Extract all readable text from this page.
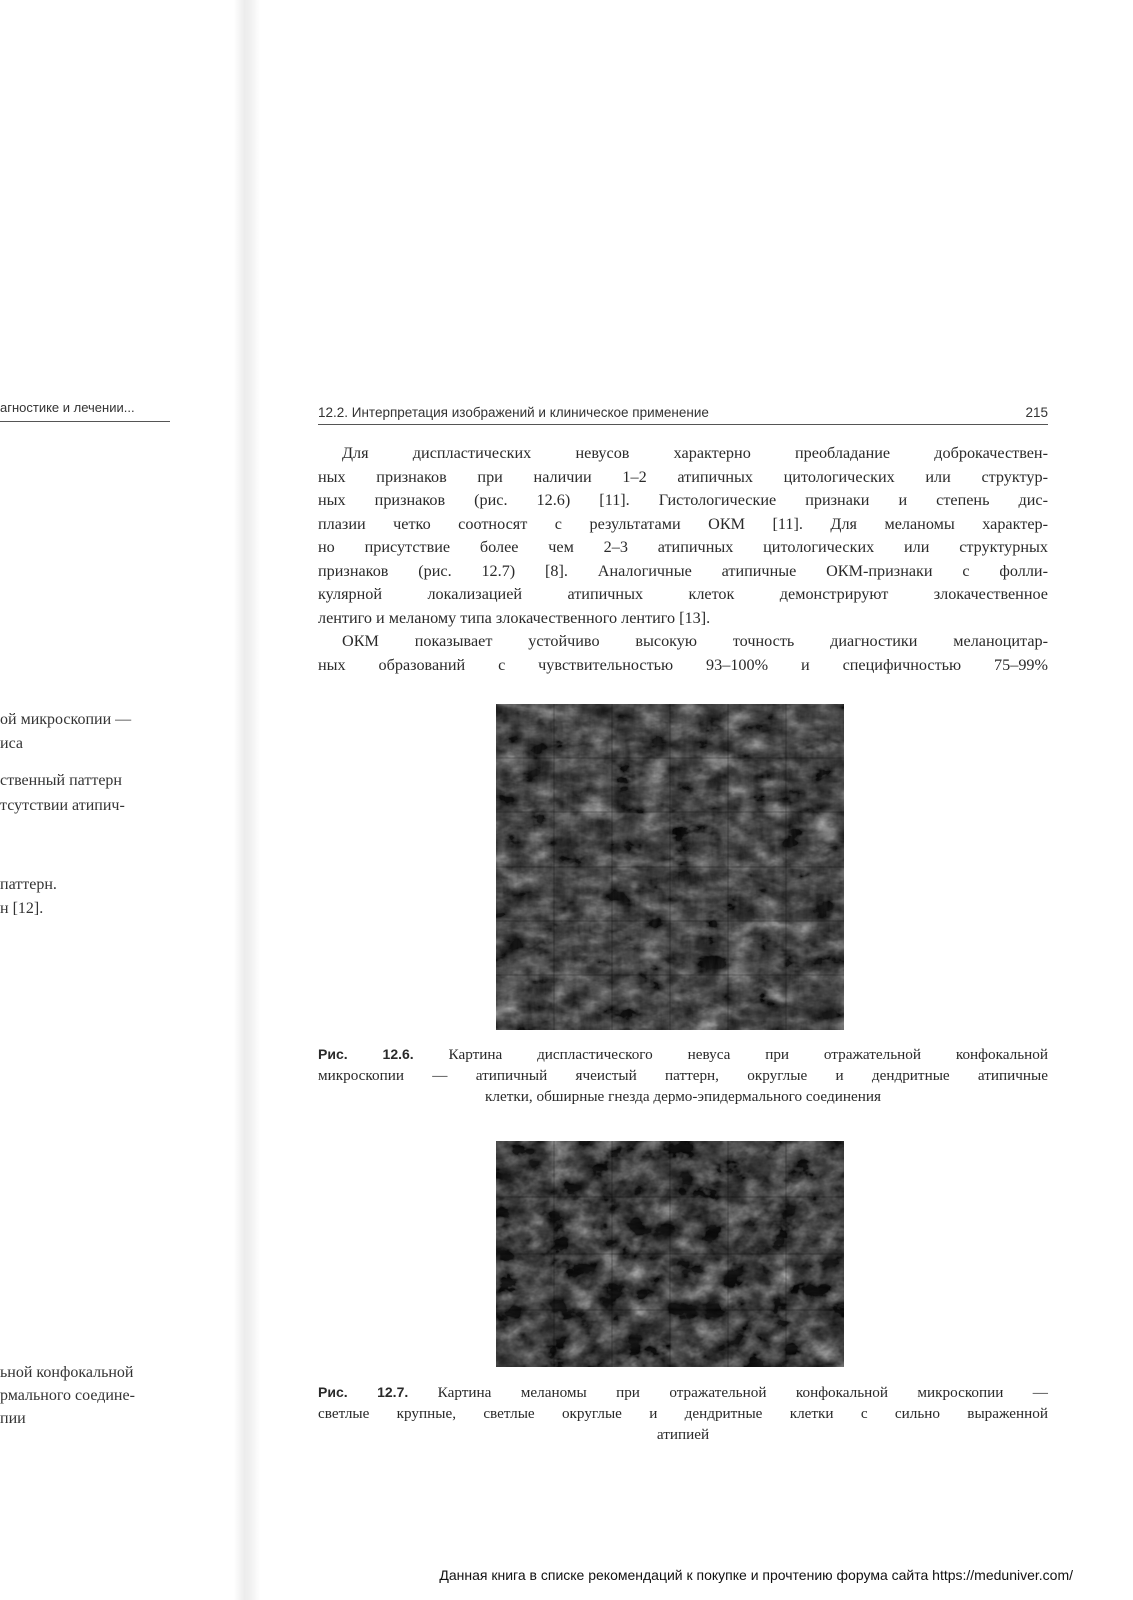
агностике и лечении...
ой микроскопии —
иса
ственный паттерн
тсутствии атипич-
паттерн.
н [12].
ьной конфокальной
рмального соедине-
пии
12.2. Интерпретация изображений и клиническое применение	215
Для диспластических невусов характерно преобладание доброкачествен-
ных признаков при наличии 1–2 атипичных цитологических или структур-
ных признаков (рис. 12.6) [11]. Гистологические признаки и степень дис-
плазии четко соотносят с результатами ОКМ [11]. Для меланомы характер-
но присутствие более чем 2–3 атипичных цитологических или структурных
признаков (рис. 12.7) [8]. Аналогичные атипичные ОКМ-признаки с фолли-
кулярной локализацией атипичных клеток демонстрируют злокачественное
лентиго и меланому типа злокачественного лентиго [13].
ОКМ показывает устойчиво высокую точность диагностики меланоцитар-
ных образований с чувствительностью 93–100% и специфичностью 75–99%
Рис. 12.6. Картина диспластического невуса при отражательной конфокальной
микроскопии — атипичный ячеистый паттерн, округлые и дендритные атипичные
клетки, обширные гнезда дермо-эпидермального соединения
Рис. 12.7. Картина меланомы при отражательной конфокальной микроскопии —
светлые крупные, светлые округлые и дендритные клетки с сильно выраженной
атипией
Данная книга в списке рекомендаций к покупке и прочтению форума сайта https://meduniver.com/
